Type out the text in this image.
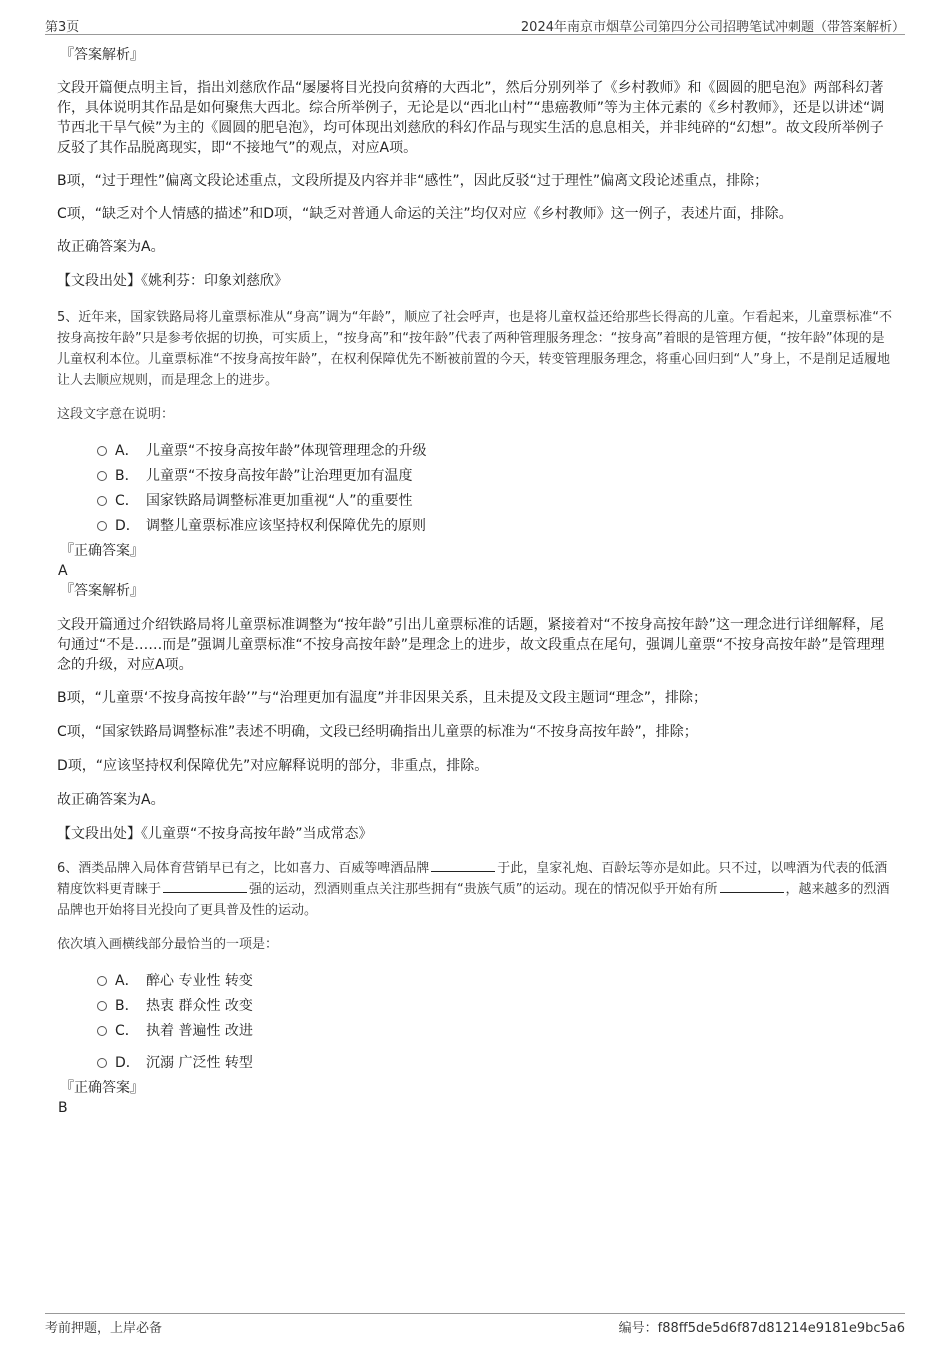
第3页	2024年南京市烟草公司第四分公司招聘笔试冲刺题（带答案解析）

『答案解析』

文段开篇便点明主旨，指出刘慈欣作品“屡屡将目光投向贫瘠的大西北”，然后分别列举了《乡村教师》和《圆圆的肥皂泡》两部科幻著作，具体说明其作品是如何聚焦大西北。综合所举例子，无论是以“西北山村”“患癌教师”等为主体元素的《乡村教师》，还是以讲述“调节西北干旱气候”为主的《圆圆的肥皂泡》，均可体现出刘慈欣的科幻作品与现实生活的息息相关，并非纯碎的“幻想”。故文段所举例子反驳了其作品脱离现实，即“不接地气”的观点，对应A项。

B项，“过于理性”偏离文段论述重点，文段所提及内容并非“感性”，因此反驳“过于理性”偏离文段论述重点，排除；

C项，“缺乏对个人情感的描述”和D项，“缺乏对普通人命运的关注”均仅对应《乡村教师》这一例子，表述片面，排除。

故正确答案为A。

【文段出处】《姚利芬：印象刘慈欣》

5、近年来，国家铁路局将儿童票标准从“身高”调为“年龄”，顺应了社会呼声，也是将儿童权益还给那些长得高的儿童。乍看起来，儿童票标准“不按身高按年龄”只是参考依据的切换，可实质上，“按身高”和“按年龄”代表了两种管理服务理念：“按身高”着眼的是管理方便，“按年龄”体现的是儿童权利本位。儿童票标准“不按身高按年龄”，在权利保障优先不断被前置的今天，转变管理服务理念，将重心回归到“人”身上，不是削足适履地让人去顺应规则，而是理念上的进步。

这段文字意在说明：

A． 儿童票“不按身高按年龄”体现管理理念的升级
B． 儿童票“不按身高按年龄”让治理更加有温度
C． 国家铁路局调整标准更加重视“人”的重要性
D． 调整儿童票标准应该坚持权利保障优先的原则

『正确答案』

A

『答案解析』

文段开篇通过介绍铁路局将儿童票标准调整为“按年龄”引出儿童票标准的话题，紧接着对“不按身高按年龄”这一理念进行详细解释，尾句通过“不是……而是”强调儿童票标准“不按身高按年龄”是理念上的进步，故文段重点在尾句，强调儿童票“不按身高按年龄”是管理理念的升级，对应A项。

B项，“儿童票‘不按身高按年龄’”与“治理更加有温度”并非因果关系，且未提及文段主题词“理念”，排除；

C项，“国家铁路局调整标准”表述不明确，文段已经明确指出儿童票的标准为“不按身高按年龄”，排除；

D项，“应该坚持权利保障优先”对应解释说明的部分，非重点，排除。

故正确答案为A。

【文段出处】《儿童票“不按身高按年龄”当成常态》

6、酒类品牌入局体育营销早已有之，比如喜力、百威等啤酒品牌	于此，皇家礼炮、百龄坛等亦是如此。只不过，以啤酒为代表的低酒精度饮料更青睐于	强的运动，烈酒则重点关注那些拥有“贵族气质”的运动。现在的情况似乎开始有所	，越来越多的烈酒品牌也开始将目光投向了更具普及性的运动。

依次填入画横线部分最恰当的一项是：

A． 醉心 专业性 转变
B． 热衷 群众性 改变
C． 执着 普遍性 改进
D． 沉溺 广泛性 转型

『正确答案』

B

考前押题，上岸必备	编号：f88ff5de5d6f87d81214e9181e9bc5a6
